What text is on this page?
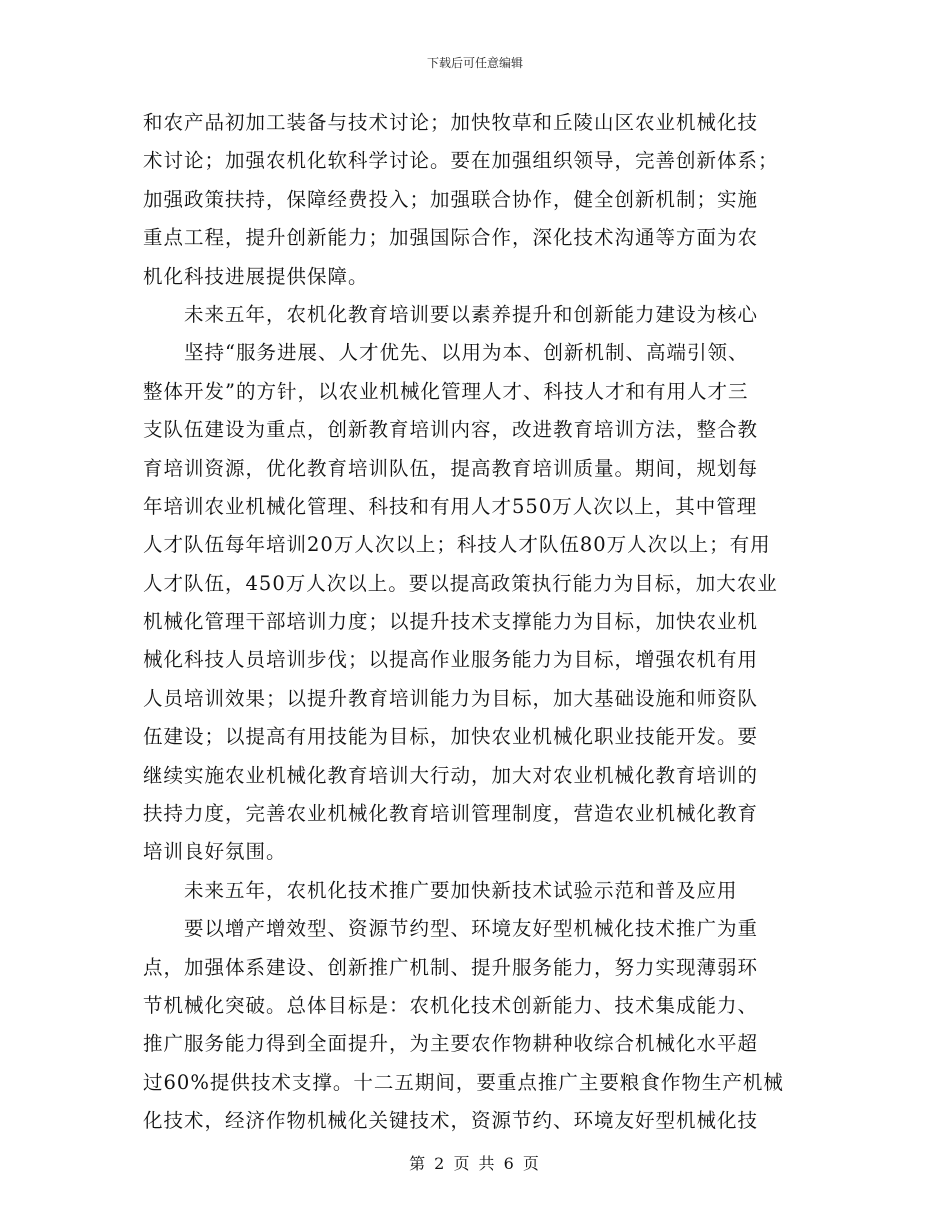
下载后可任意编辑
和农产品初加工装备与技术讨论；加快牧草和丘陵山区农业机械化技
术讨论；加强农机化软科学讨论。要在加强组织领导，完善创新体系；
加强政策扶持，保障经费投入；加强联合协作，健全创新机制；实施
重点工程，提升创新能力；加强国际合作，深化技术沟通等方面为农
机化科技进展提供保障。
未来五年，农机化教育培训要以素养提升和创新能力建设为核心
坚持“服务进展、人才优先、以用为本、创新机制、高端引领、
整体开发”的方针，以农业机械化管理人才、科技人才和有用人才三
支队伍建设为重点，创新教育培训内容，改进教育培训方法，整合教
育培训资源，优化教育培训队伍，提高教育培训质量。期间，规划每
年培训农业机械化管理、科技和有用人才550万人次以上，其中管理
人才队伍每年培训20万人次以上；科技人才队伍80万人次以上；有用
人才队伍，450万人次以上。要以提高政策执行能力为目标，加大农业
机械化管理干部培训力度；以提升技术支撑能力为目标，加快农业机
械化科技人员培训步伐；以提高作业服务能力为目标，增强农机有用
人员培训效果；以提升教育培训能力为目标，加大基础设施和师资队
伍建设；以提高有用技能为目标，加快农业机械化职业技能开发。要
继续实施农业机械化教育培训大行动，加大对农业机械化教育培训的
扶持力度，完善农业机械化教育培训管理制度，营造农业机械化教育
培训良好氛围。
未来五年，农机化技术推广要加快新技术试验示范和普及应用
要以增产增效型、资源节约型、环境友好型机械化技术推广为重
点，加强体系建设、创新推广机制、提升服务能力，努力实现薄弱环
节机械化突破。总体目标是：农机化技术创新能力、技术集成能力、
推广服务能力得到全面提升，为主要农作物耕种收综合机械化水平超
过60%提供技术支撑。十二五期间，要重点推广主要粮食作物生产机械
化技术，经济作物机械化关键技术，资源节约、环境友好型机械化技
第 2 页 共 6 页
